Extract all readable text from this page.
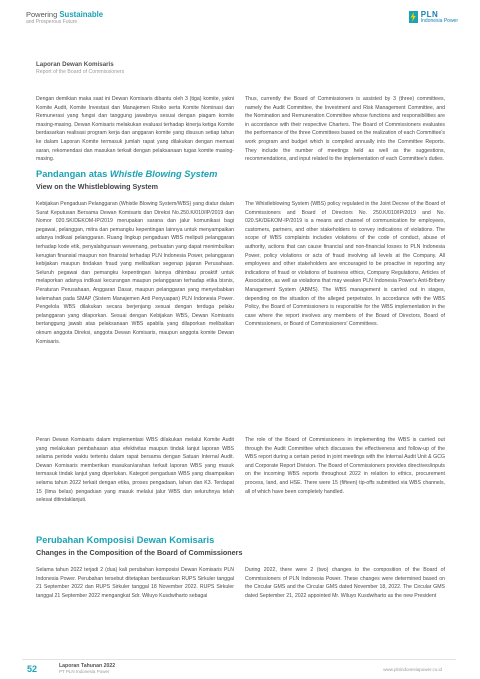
Powering Sustainable
and Prosperous Future
PLN
Indonesia Power
Laporan Dewan Komisaris
Report of the Board of Commissioners
Dengan demikian maka saat ini Dewan Komisaris dibantu oleh 3 (tiga) komite, yakni Komite Audit, Komite Investasi dan Manajemen Risiko serta Komite Nominasi dan Remunerasi yang fungsi dan tanggung jawabnya sesuai dengan piagam komite masing-masing. Dewan Komisaris melakukan evaluasi terhadap kinerja ketiga Komite berdasarkan realisasi program kerja dan anggaran komite yang disusun setiap tahun ke dalam Laporan Komite termasuk jumlah rapat yang dilakukan dengan memuat saran, rekomendasi dan masukan terkait dengan pelaksanaan tugas komite masing-masing.
Thus, currently the Board of Commissioners is assisted by 3 (three) committees, namely the Audit Committee, the Investment and Risk Management Committee, and the Nomination and Remuneration Committee whose functions and responsibilities are in accordance with their respective Charters. The Board of Commissioners evaluates the performance of the three Committees based on the realization of each Committee's work program and budget which is compiled annually into the Committee Reports. They include the number of meetings held as well as the suggestions, recommendations, and input related to the implementation of each Committee's duties.
Pandangan atas Whistle Blowing System
View on the Whistleblowing System
Kebijakan Pengaduan Pelanggaran (Whistle Blowing System/WBS) yang diatur dalam Surat Keputusan Bersama Dewan Komisaris dan Direksi No.250.K/010/IP/2019 dan Nomor 020.SK/DEKOM-IP/2019 merupakan sarana dan jalur komunikasi bagi pegawai, pelanggan, mitra dan pemangku kepentingan lainnya untuk menyampaikan adanya indikasi pelanggaran. Ruang lingkup pengaduan WBS meliputi pelanggaran terhadap kode etik, penyalahgunaan wewenang, perbuatan yang dapat menimbulkan kerugian finansial maupun non finansial terhadap PLN Indonesia Power, pelanggaran kebijakan maupun tindakan fraud yang melibatkan segenap jajaran Perusahaan. Seluruh pegawai dan pemangku kepentingan lainnya dihimbau proaktif untuk melaporkan adanya indikasi kecurangan maupun pelanggaran terhadap etika bisnis, Peraturan Perusahaan, Anggaran Dasar, maupun pelanggaran yang menyebabkan kelemahan pada SMAP (Sistem Manajemen Anti Penyuapan) PLN Indonesia Power. Pengelola WBS dilakukan secara berjenjang sesuai dengan terduga pelaku pelanggaran yang dilaporkan. Sesuai dengan Kebijakan WBS, Dewan Komisaris bertanggung jawab atas pelaksanaan WBS apabila yang dilaporkan melibatkan oknum anggota Direksi, anggota Dewan Komisaris, maupun anggota komite Dewan Komisaris.
The Whistleblowing System (WBS) policy regulated in the Joint Decree of the Board of Commissioners and Board of Directors No. 250.K/010/IP/2019 and No. 020.SK/DEKOM-IP/2019 is a means and channel of communication for employees, customers, partners, and other stakeholders to convey indications of violations. The scope of WBS complaints includes violations of the code of conduct, abuse of authority, actions that can cause financial and non-financial losses to PLN Indonesia Power, policy violations or acts of fraud involving all levels at the Company. All employees and other stakeholders are encouraged to be proactive in reporting any indications of fraud or violations of business ethics, Company Regulations, Articles of Association, as well as violations that may weaken PLN Indonesia Power's Anti-Bribery Management System (ABMS). The WBS management is carried out in stages, depending on the situation of the alleged perpetrator. In accordance with the WBS Policy, the Board of Commissioners is responsible for the WBS implementation in the case where the report involves any members of the Board of Directors, Board of Commissioners, or Board of Commissioners' Committees.
Peran Dewan Komisaris dalam implementasi WBS dilakukan melalui Komite Audit yang melakukan pembahasan atas efektivitas maupun tindak lanjut laporan WBS selama periode waktu tertentu dalam rapat bersama dengan Satuan Internal Audit. Dewan Komisaris memberikan masukan/arahan terkait laporan WBS yang masuk termasuk tindak lanjut yang diperlukan. Kategori pengaduan WBS yang disampaikan selama tahun 2022 terkait dengan etika, proses pengadaan, lahan dan K3. Terdapat 15 (lima belas) pengaduan yang masuk melalui jalur WBS dan seluruhnya telah selesai ditindaklanjuti.
The role of the Board of Commissioners in implementing the WBS is carried out through the Audit Committee which discusses the effectiveness and follow-up of the WBS report during a certain period in joint meetings with the Internal Audit Unit & GCG and Corporate Report Division. The Board of Commissioners provides directives/inputs on the incoming WBS reports throughout 2022 in relation to ethics, procurement process, land, and HSE. There were 15 (fifteen) tip-offs submitted via WBS channels, all of which have been completely handled.
Perubahan Komposisi Dewan Komisaris
Changes in the Composition of the Board of Commissioners
Selama tahun 2022 terjadi 2 (dua) kali perubahan komposisi Dewan Komisaris PLN Indonesia Power. Perubahan tersebut ditetapkan berdasarkan RUPS Sirkuler tanggal 21 September 2022 dan RUPS Sirkuler tanggal 18 November 2022. RUPS Sirkuler tanggal 21 September 2022 mengangkat Sdr. Wiluyo Kusdwiharto sebagai
During 2022, there were 2 (two) changes to the composition of the Board of Commissioners of PLN Indonesia Power. These changes were determined based on the Circular GMS and the Circular GMS dated November 18, 2022. The Circular GMS dated September 21, 2022 appointed Mr. Wiluyo Kusdwiharto as the new President
52	Laporan Tahunan 2022
PT PLN Indonesia Power	www.plnindonesiapower.co.id
